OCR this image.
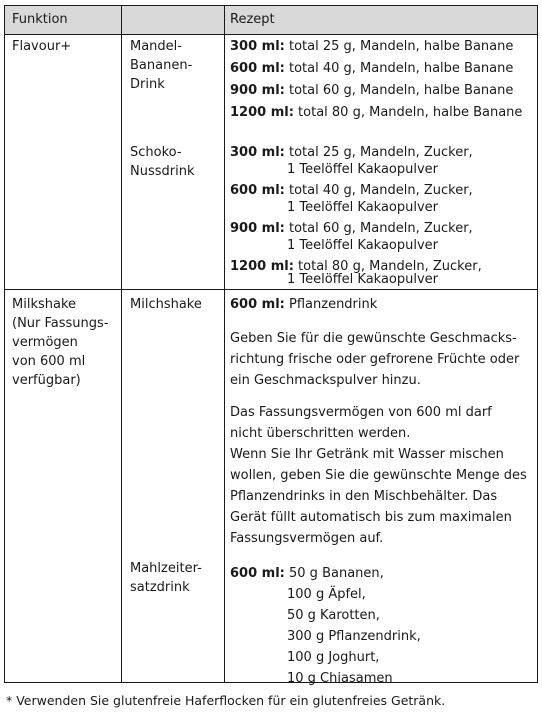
Funktion	Rezept
Flavour+	Mandel-
Bananen-
Drink
300 ml: total 25 g, Mandeln, halbe Banane
600 ml: total 40 g, Mandeln, halbe Banane
900 ml: total 60 g, Mandeln, halbe Banane
1200 ml: total 80 g, Mandeln, halbe Banane
Schoko-
Nussdrink
300 ml: total 25 g, Mandeln, Zucker,
1 Teelöffel Kakaopulver
600 ml: total 40 g, Mandeln, Zucker,
1 Teelöffel Kakaopulver
900 ml: total 60 g, Mandeln, Zucker,
1 Teelöffel Kakaopulver
1200 ml: total 80 g, Mandeln, Zucker,
1 Teelöffel Kakaopulver
Milkshake
(Nur Fassungs-
vermögen
von 600 ml
verfügbar)
Milchshake 600 ml: Pflanzendrink
Geben Sie für die gewünschte Geschmacks-
richtung frische oder gefrorene Früchte oder
ein Geschmackspulver hinzu.
Das Fassungsvermögen von 600 ml darf
nicht überschritten werden.
Wenn Sie Ihr Getränk mit Wasser mischen
wollen, geben Sie die gewünschte Menge des
Pflanzendrinks in den Mischbehälter. Das
Gerät füllt automatisch bis zum maximalen
Fassungsvermögen auf.
Mahlzeiter-
satzdrink
600 ml: 50 g Bananen,
100 g Äpfel,
50 g Karotten,
300 g Pflanzendrink,
100 g Joghurt,
10 g Chiasamen
* Verwenden Sie glutenfreie Haferflocken für ein glutenfreies Getränk.
